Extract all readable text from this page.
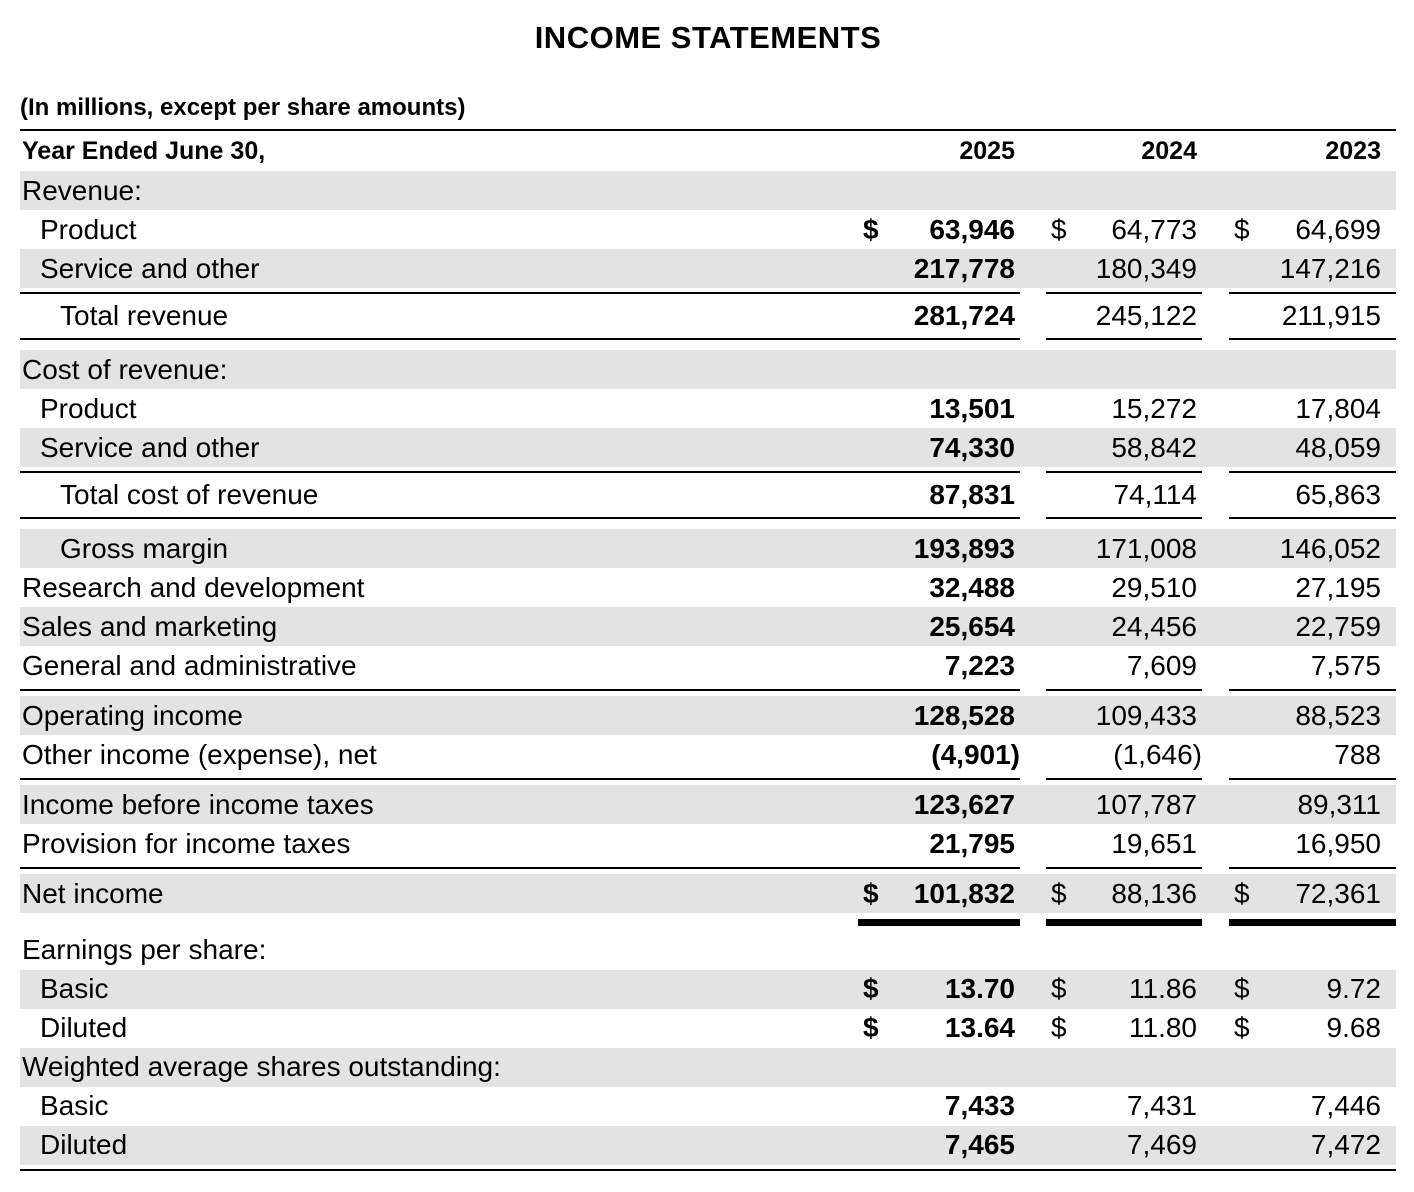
INCOME STATEMENTS
(In millions, except per share amounts)
Year Ended June 30,		2025			2024			2023
Revenue:								
Product	$	63,946		$	64,773		$	64,699
Service and other		217,778			180,349			147,216

Total revenue		281,724			245,122			211,915

Cost of revenue:								
Product		13,501			15,272			17,804
Service and other		74,330			58,842			48,059

Total cost of revenue		87,831			74,114			65,863

Gross margin		193,893			171,008			146,052
Research and development		32,488			29,510			27,195
Sales and marketing		25,654			24,456			22,759
General and administrative		7,223			7,609			7,575

Operating income		128,528			109,433			88,523
Other income (expense), net		(4,901)			(1,646)			788

Income before income taxes		123,627			107,787			89,311
Provision for income taxes		21,795			19,651			16,950

Net income	$	101,832		$	88,136		$	72,361

Earnings per share:								
Basic	$	13.70		$	11.86		$	9.72
Diluted	$	13.64		$	11.80		$	9.68
Weighted average shares outstanding:								
Basic		7,433			7,431			7,446
Diluted		7,465			7,469			7,472
